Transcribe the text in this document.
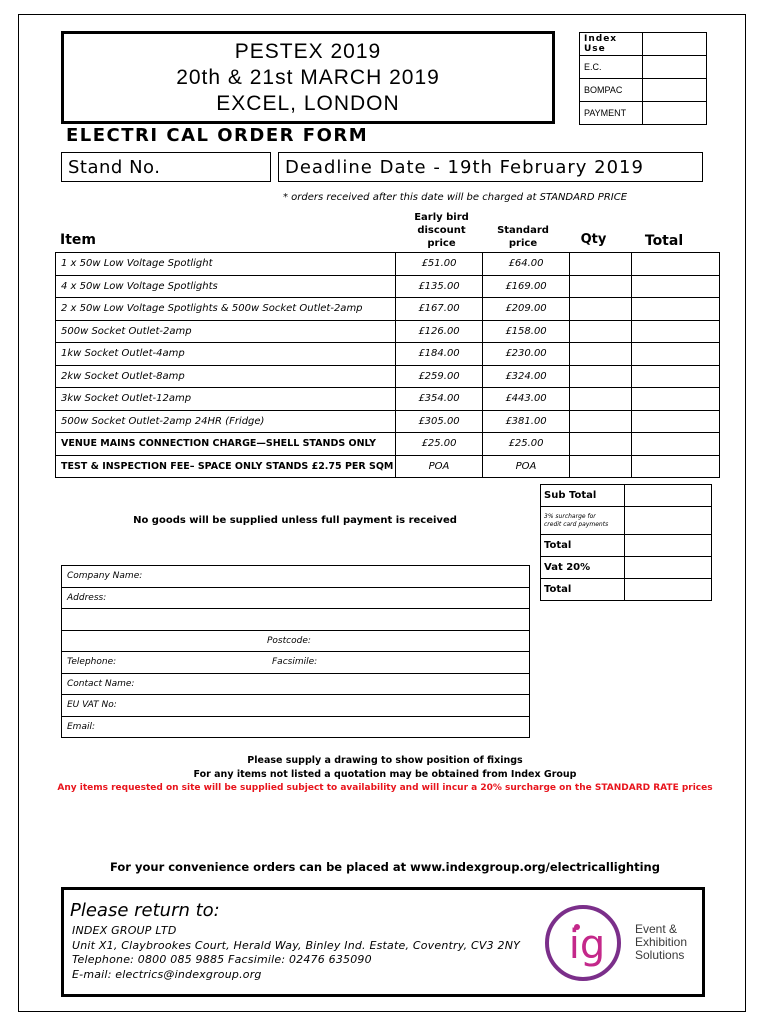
PESTEX 2019
20th & 21st MARCH 2019
EXCEL, LONDON
Index Use	
E.C.	
BOMPAC	
PAYMENT	
ELECTRI CAL ORDER FORM
Stand No.	Deadline Date - 19th February 2019
* orders received after this date will be charged at STANDARD PRICE
Item
Early bird
discount
price
Standard
price	Qty	Total
1 x 50w Low Voltage Spotlight	£51.00	£64.00		
4 x 50w Low Voltage Spotlights	£135.00	£169.00		
2 x 50w Low Voltage Spotlights & 500w Socket Outlet-2amp	£167.00	£209.00		
500w Socket Outlet-2amp	£126.00	£158.00		
1kw Socket Outlet-4amp	£184.00	£230.00		
2kw Socket Outlet-8amp	£259.00	£324.00		
3kw Socket Outlet-12amp	£354.00	£443.00		
500w Socket Outlet-2amp 24HR (Fridge)	£305.00	£381.00		
VENUE MAINS CONNECTION CHARGE—SHELL STANDS ONLY	£25.00	£25.00		
TEST & INSPECTION FEE– SPACE ONLY STANDS £2.75 PER SQM	POA	POA		
Sub Total	

3% surcharge for
credit card payments	

Total	
Vat 20%	
Total	
No goods will be supplied unless full payment is received
Company Name:
Address:

Postcode:
Telephone:	Facsimile:
Contact Name:
EU VAT No:
Email:
Please supply a drawing to show position of fixings
For any items not listed a quotation may be obtained from Index Group
Any items requested on site will be supplied subject to availability and will incur a 20% surcharge on the STANDARD RATE prices
For your convenience orders can be placed at www.indexgroup.org/electricallighting
Please return to:
INDEX GROUP LTD
Unit X1, Claybrookes Court, Herald Way, Binley Ind. Estate, Coventry, CV3 2NY
Telephone: 0800 085 9885 Facsimile: 02476 635090
E-mail: electrics@indexgroup.org
ig Event &
Exhibition
Solutions
